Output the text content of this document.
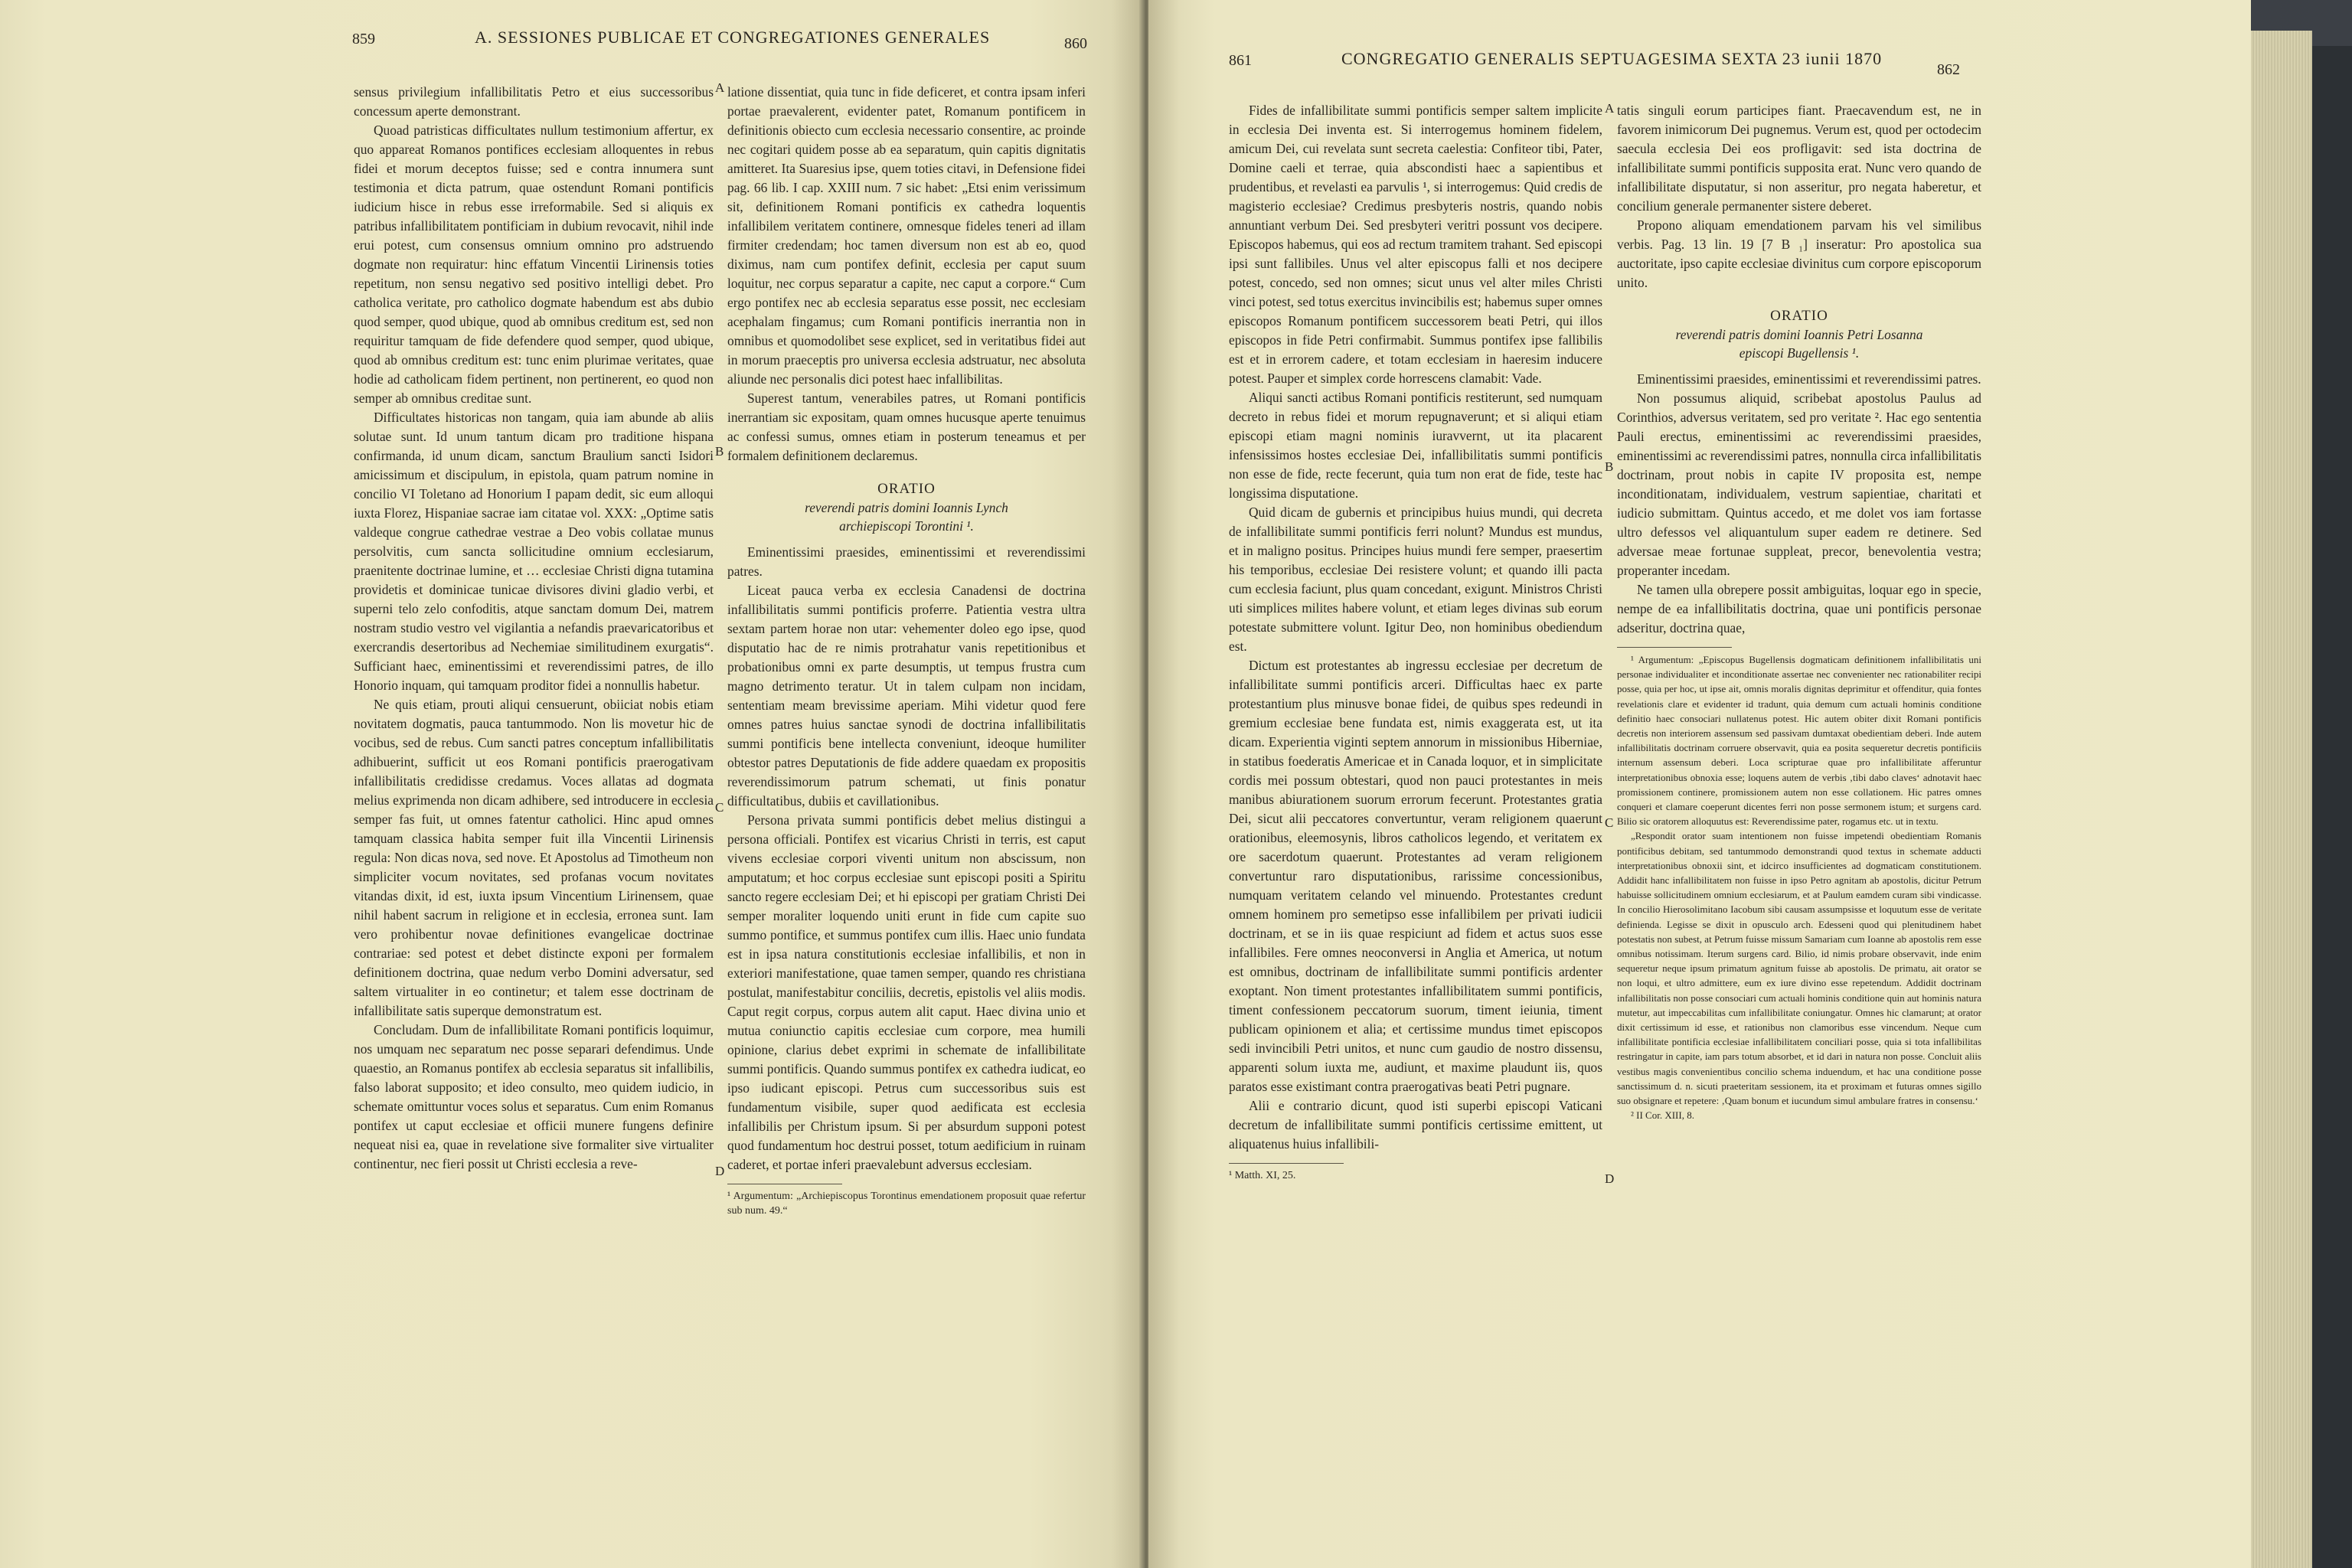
859	A. SESSIONES PUBLICAE ET CONGREGATIONES GENERALES	860

sensus privilegium infallibilitatis Petro et eius successoribus concessum aperte demonstrant.

Quoad patristicas difficultates nullum testimonium affertur, ex quo appareat Romanos pontifices ecclesiam alloquentes in rebus fidei et morum deceptos fuisse; sed e contra innumera sunt testimonia et dicta patrum, quae ostendunt Romani pontificis iudicium hisce in rebus esse irreformabile. Sed si aliquis ex patribus infallibilitatem pontificiam in dubium revocavit, nihil inde erui potest, cum consensus omnium omnino pro adstruendo dogmate non requiratur: hinc effatum Vincentii Lirinensis toties repetitum, non sensu negativo sed positivo intelligi debet. Pro catholica veritate, pro catholico dogmate habendum est abs dubio quod semper, quod ubique, quod ab omnibus creditum est, sed non requiritur tamquam de fide defendere quod semper, quod ubique, quod ab omnibus creditum est: tunc enim plurimae veritates, quae hodie ad catholicam fidem pertinent, non pertinerent, eo quod non semper ab omnibus creditae sunt.

Difficultates historicas non tangam, quia iam abunde ab aliis solutae sunt. Id unum tantum dicam pro traditione hispana confirmanda, id unum dicam, sanctum Braulium sancti Isidori amicissimum et discipulum, in epistola, quam patrum nomine in concilio VI Toletano ad Honorium I papam dedit, sic eum alloqui iuxta Florez, Hispaniae sacrae iam citatae vol. XXX: „Optime satis valdeque congrue cathedrae vestrae a Deo vobis collatae munus persolvitis, cum sancta sollicitudine omnium ecclesiarum, praenitente doctrinae lumine, et … ecclesiae Christi digna tutamina providetis et dominicae tunicae divisores divini gladio verbi, et superni telo zelo confoditis, atque sanctam domum Dei, matrem nostram studio vestro vel vigilantia a nefandis praevaricatoribus et exercrandis desertoribus ad Nechemiae similitudinem exurgatis“. Sufficiant haec, eminentissimi et reverendissimi patres, de illo Honorio inquam, qui tamquam proditor fidei a nonnullis habetur.

Ne quis etiam, prouti aliqui censuerunt, obiiciat nobis etiam novitatem dogmatis, pauca tantummodo. Non lis movetur hic de vocibus, sed de rebus. Cum sancti patres conceptum infallibilitatis adhibuerint, sufficit ut eos Romani pontificis praerogativam infallibilitatis credidisse credamus. Voces allatas ad dogmata melius exprimenda non dicam adhibere, sed introducere in ecclesia semper fas fuit, ut omnes fatentur catholici. Hinc apud omnes tamquam classica habita semper fuit illa Vincentii Lirinensis regula: Non dicas nova, sed nove. Et Apostolus ad Timotheum non simpliciter vocum novitates, sed profanas vocum novitates vitandas dixit, id est, iuxta ipsum Vincentium Lirinensem, quae nihil habent sacrum in religione et in ecclesia, erronea sunt. Iam vero prohibentur novae definitiones evangelicae doctrinae contrariae: sed potest et debet distincte exponi per formalem definitionem doctrina, quae nedum verbo Domini adversatur, sed saltem virtualiter in eo continetur; et talem esse doctrinam de infallibilitate satis superque demonstratum est.

Concludam. Dum de infallibilitate Romani pontificis loquimur, nos umquam nec separatum nec posse separari defendimus. Unde quaestio, an Romanus pontifex ab ecclesia separatus sit infallibilis, falso laborat supposito; et ideo consulto, meo quidem iudicio, in schemate omittuntur voces solus et separatus. Cum enim Romanus pontifex ut caput ecclesiae et officii munere fungens definire nequeat nisi ea, quae in revelatione sive formaliter sive virtualiter continentur, nec fieri possit ut Christi ecclesia a reve-

A
B
C
D

latione dissentiat, quia tunc in fide deficeret, et contra ipsam inferi portae praevalerent, evidenter patet, Romanum pontificem in definitionis obiecto cum ecclesia necessario consentire, ac proinde nec cogitari quidem posse ab ea separatum, quin capitis dignitatis amitteret. Ita Suaresius ipse, quem toties citavi, in Defensione fidei pag. 66 lib. I cap. XXIII num. 7 sic habet: „Etsi enim verissimum sit, definitionem Romani pontificis ex cathedra loquentis infallibilem veritatem continere, omnesque fideles teneri ad illam firmiter credendam; hoc tamen diversum non est ab eo, quod diximus, nam cum pontifex definit, ecclesia per caput suum loquitur, nec corpus separatur a capite, nec caput a corpore.“ Cum ergo pontifex nec ab ecclesia separatus esse possit, nec ecclesiam acephalam fingamus; cum Romani pontificis inerrantia non in omnibus et quomodolibet sese explicet, sed in veritatibus fidei aut in morum praeceptis pro universa ecclesia adstruatur, nec absoluta aliunde nec personalis dici potest haec infallibilitas.

Superest tantum, venerabiles patres, ut Romani pontificis inerrantiam sic expositam, quam omnes hucusque aperte tenuimus ac confessi sumus, omnes etiam in posterum teneamus et per formalem definitionem declaremus.

ORATIO
reverendi patris domini Ioannis Lynch
archiepiscopi Torontini ¹.

Eminentissimi praesides, eminentissimi et reverendissimi patres.

Liceat pauca verba ex ecclesia Canadensi de doctrina infallibilitatis summi pontificis proferre. Patientia vestra ultra sextam partem horae non utar: vehementer doleo ego ipse, quod disputatio hac de re nimis protrahatur vanis repetitionibus et probationibus omni ex parte desumptis, ut tempus frustra cum magno detrimento teratur. Ut in talem culpam non incidam, sententiam meam brevissime aperiam. Mihi videtur quod fere omnes patres huius sanctae synodi de doctrina infallibilitatis summi pontificis bene intellecta conveniunt, ideoque humiliter obtestor patres Deputationis de fide addere quaedam ex propositis reverendissimorum patrum schemati, ut finis ponatur difficultatibus, dubiis et cavillationibus.

Persona privata summi pontificis debet melius distingui a persona officiali. Pontifex est vicarius Christi in terris, est caput vivens ecclesiae corpori viventi unitum non abscissum, non amputatum; et hoc corpus ecclesiae sunt episcopi positi a Spiritu sancto regere ecclesiam Dei; et hi episcopi per gratiam Christi Dei semper moraliter loquendo uniti erunt in fide cum capite suo summo pontifice, et summus pontifex cum illis. Haec unio fundata est in ipsa natura constitutionis ecclesiae infallibilis, et non in exteriori manifestatione, quae tamen semper, quando res christiana postulat, manifestabitur conciliis, decretis, epistolis vel aliis modis. Caput regit corpus, corpus autem alit caput. Haec divina unio et mutua coniunctio capitis ecclesiae cum corpore, mea humili opinione, clarius debet exprimi in schemate de infallibilitate summi pontificis. Quando summus pontifex ex cathedra iudicat, eo ipso iudicant episcopi. Petrus cum successoribus suis est fundamentum visibile, super quod aedificata est ecclesia infallibilis per Christum ipsum. Si per absurdum supponi potest quod fundamentum hoc destrui posset, totum aedificium in ruinam caderet, et portae inferi praevalebunt adversus ecclesiam.

¹ Argumentum: „Archiepiscopus Torontinus emendationem proposuit quae refertur sub num. 49.“
861	CONGREGATIO GENERALIS SEPTUAGESIMA SEXTA 23 iunii 1870
862

Fides de infallibilitate summi pontificis semper saltem implicite in ecclesia Dei inventa est. Si interrogemus hominem fidelem, amicum Dei, cui revelata sunt secreta caelestia: Confiteor tibi, Pater, Domine caeli et terrae, quia abscondisti haec a sapientibus et prudentibus, et revelasti ea parvulis ¹, si interrogemus: Quid credis de magisterio ecclesiae? Credimus presbyteris nostris, quando nobis annuntiant verbum Dei. Sed presbyteri veritri possunt vos decipere. Episcopos habemus, qui eos ad rectum tramitem trahant. Sed episcopi ipsi sunt fallibiles. Unus vel alter episcopus falli et nos decipere potest, concedo, sed non omnes; sicut unus vel alter miles Christi vinci potest, sed totus exercitus invincibilis est; habemus super omnes episcopos Romanum pontificem successorem beati Petri, qui illos episcopos in fide Petri confirmabit. Summus pontifex ipse fallibilis est et in errorem cadere, et totam ecclesiam in haeresim inducere potest. Pauper et simplex corde horrescens clamabit: Vade.

Aliqui sancti actibus Romani pontificis restiterunt, sed numquam decreto in rebus fidei et morum repugnaverunt; et si aliqui etiam episcopi etiam magni nominis iuravvernt, ut ita placarent infensissimos hostes ecclesiae Dei, infallibilitatis summi pontificis non esse de fide, recte fecerunt, quia tum non erat de fide, teste hac longissima disputatione.

Quid dicam de gubernis et principibus huius mundi, qui decreta de infallibilitate summi pontificis ferri nolunt? Mundus est mundus, et in maligno positus. Principes huius mundi fere semper, praesertim his temporibus, ecclesiae Dei resistere volunt; et quando illi pacta cum ecclesia faciunt, plus quam concedant, exigunt. Ministros Christi uti simplices milites habere volunt, et etiam leges divinas sub eorum potestate submittere volunt. Igitur Deo, non hominibus obediendum est.

Dictum est protestantes ab ingressu ecclesiae per decretum de infallibilitate summi pontificis arceri. Difficultas haec ex parte protestantium plus minusve bonae fidei, de quibus spes redeundi in gremium ecclesiae bene fundata est, nimis exaggerata est, ut ita dicam. Experientia viginti septem annorum in missionibus Hiberniae, in statibus foederatis Americae et in Canada loquor, et in simplicitate cordis mei possum obtestari, quod non pauci protestantes in meis manibus abiurationem suorum errorum fecerunt. Protestantes gratia Dei, sicut alii peccatores convertuntur, veram religionem quaerunt orationibus, eleemosynis, libros catholicos legendo, et veritatem ex ore sacerdotum quaerunt. Protestantes ad veram religionem convertuntur raro disputationibus, rarissime concessionibus, numquam veritatem celando vel minuendo. Protestantes credunt omnem hominem pro semetipso esse infallibilem per privati iudicii doctrinam, et se in iis quae respiciunt ad fidem et actus suos esse infallibiles. Fere omnes neoconversi in Anglia et America, ut notum est omnibus, doctrinam de infallibilitate summi pontificis ardenter exoptant. Non timent protestantes infallibilitatem summi pontificis, timent confessionem peccatorum suorum, timent ieiunia, timent publicam opinionem et alia; et certissime mundus timet episcopos sedi invincibili Petri unitos, et nunc cum gaudio de nostro dissensu, apparenti solum iuxta me, audiunt, et maxime plaudunt iis, quos paratos esse existimant contra praerogativas beati Petri pugnare.

Alii e contrario dicunt, quod isti superbi episcopi Vaticani decretum de infallibilitate summi pontificis certissime emittent, ut aliquatenus huius infallibili-

¹ Matth. XI, 25.
A
B
C
D

tatis singuli eorum participes fiant. Praecavendum est, ne in favorem inimicorum Dei pugnemus. Verum est, quod per octodecim saecula ecclesia Dei eos profligavit: sed ista doctrina de infallibilitate summi pontificis supposita erat. Nunc vero quando de infallibilitate disputatur, si non asseritur, pro negata haberetur, et concilium generale permanenter sistere deberet.

Propono aliquam emendationem parvam his vel similibus verbis. Pag. 13 lin. 19 [7 B ₁] inseratur: Pro apostolica sua auctoritate, ipso capite ecclesiae divinitus cum corpore episcoporum unito.

ORATIO
reverendi patris domini Ioannis Petri Losanna
episcopi Bugellensis ¹.

Eminentissimi praesides, eminentissimi et reverendissimi patres.

Non possumus aliquid, scribebat apostolus Paulus ad Corinthios, adversus veritatem, sed pro veritate ². Hac ego sententia Pauli erectus, eminentissimi ac reverendissimi praesides, eminentissimi ac reverendissimi patres, nonnulla circa infallibilitatis doctrinam, prout nobis in capite IV proposita est, nempe inconditionatam, individualem, vestrum sapientiae, charitati et iudicio submittam. Quintus accedo, et me dolet vos iam fortasse ultro defessos vel aliquantulum super eadem re detinere. Sed adversae meae fortunae suppleat, precor, benevolentia vestra; properanter incedam.

Ne tamen ulla obrepere possit ambiguitas, loquar ego in specie, nempe de ea infallibilitatis doctrina, quae uni pontificis personae adseritur, doctrina quae,

¹ Argumentum: „Episcopus Bugellensis dogmaticam definitionem infallibilitatis uni personae individualiter et inconditionate assertae nec convenienter nec rationabiliter recipi posse, quia per hoc, ut ipse ait, omnis moralis dignitas deprimitur et offenditur, quia fontes revelationis clare et evidenter id tradunt, quia demum cum actuali hominis conditione definitio haec consociari nullatenus potest. Hic autem obiter dixit Romani pontificis decretis non interiorem assensum sed passivam dumtaxat obedientiam deberi. Inde autem infallibilitatis doctrinam corruere observavit, quia ea posita sequeretur decretis pontificiis internum assensum deberi. Loca scripturae quae pro infallibilitate afferuntur interpretationibus obnoxia esse; loquens autem de verbis ‚tibi dabo claves‘ adnotavit haec promissionem continere, promissionem autem non esse collationem. Hic patres omnes conqueri et clamare coeperunt dicentes ferri non posse sermonem istum; et surgens card. Bilio sic oratorem alloquutus est: Reverendissime pater, rogamus etc. ut in textu.

„Respondit orator suam intentionem non fuisse impetendi obedientiam Romanis pontificibus debitam, sed tantummodo demonstrandi quod textus in schemate adducti interpretationibus obnoxii sint, et idcirco insufficientes ad dogmaticam constitutionem. Addidit hanc infallibilitatem non fuisse in ipso Petro agnitam ab apostolis, dicitur Petrum habuisse sollicitudinem omnium ecclesiarum, et at Paulum eamdem curam sibi vindicasse. In concilio Hierosolimitano Iacobum sibi causam assumpsisse et loquutum esse de veritate definienda. Legisse se dixit in opusculo arch. Edesseni quod qui plenitudinem habet potestatis non subest, at Petrum fuisse missum Samariam cum Ioanne ab apostolis rem esse omnibus notissimam. Iterum surgens card. Bilio, id nimis probare observavit, inde enim sequeretur neque ipsum primatum agnitum fuisse ab apostolis. De primatu, ait orator se non loqui, et ultro admittere, eum ex iure divino esse repetendum. Addidit doctrinam infallibilitatis non posse consociari cum actuali hominis conditione quin aut hominis natura mutetur, aut impeccabilitas cum infallibilitate coniungatur. Omnes hic clamarunt; at orator dixit certissimum id esse, et rationibus non clamoribus esse vincendum. Neque cum infallibilitate pontificia ecclesiae infallibilitatem conciliari posse, quia si tota infallibilitas restringatur in capite, iam pars totum absorbet, et id dari in natura non posse. Concluit aliis vestibus magis convenientibus concilio schema induendum, et hac una conditione posse sanctissimum d. n. sicuti praeteritam sessionem, ita et proximam et futuras omnes sigillo suo obsignare et repetere: ‚Quam bonum et iucundum simul ambulare fratres in consensu.‘

² II Cor. XIII, 8.
